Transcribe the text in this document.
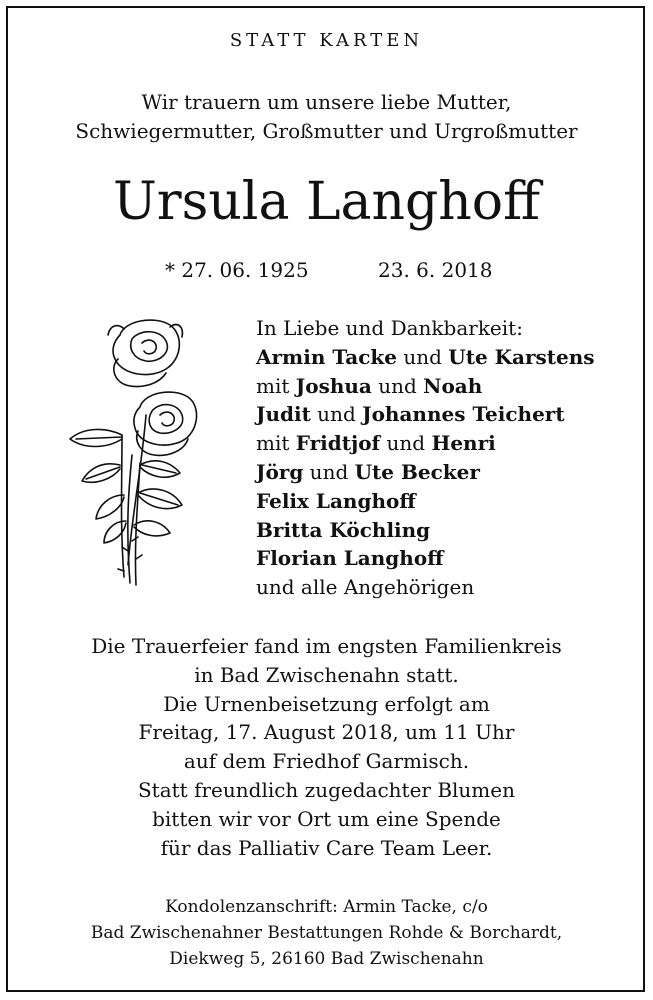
STATT KARTEN
Wir trauern um unsere liebe Mutter,
Schwiegermutter, Großmutter und Urgroßmutter
Ursula Langhoff
* 27. 06. 1925	23. 6. 2018
In Liebe und Dankbarkeit:
Armin Tacke und Ute Karstens
mit Joshua und Noah
Judit und Johannes Teichert
mit Fridtjof und Henri
Jörg und Ute Becker
Felix Langhoff
Britta Köchling
Florian Langhoff
und alle Angehörigen
Die Trauerfeier fand im engsten Familienkreis
in Bad Zwischenahn statt.
Die Urnenbeisetzung erfolgt am
Freitag, 17. August 2018, um 11 Uhr
auf dem Friedhof Garmisch.
Statt freundlich zugedachter Blumen
bitten wir vor Ort um eine Spende
für das Palliativ Care Team Leer.
Kondolenzanschrift: Armin Tacke, c/o
Bad Zwischenahner Bestattungen Rohde & Borchardt,
Diekweg 5, 26160 Bad Zwischenahn
